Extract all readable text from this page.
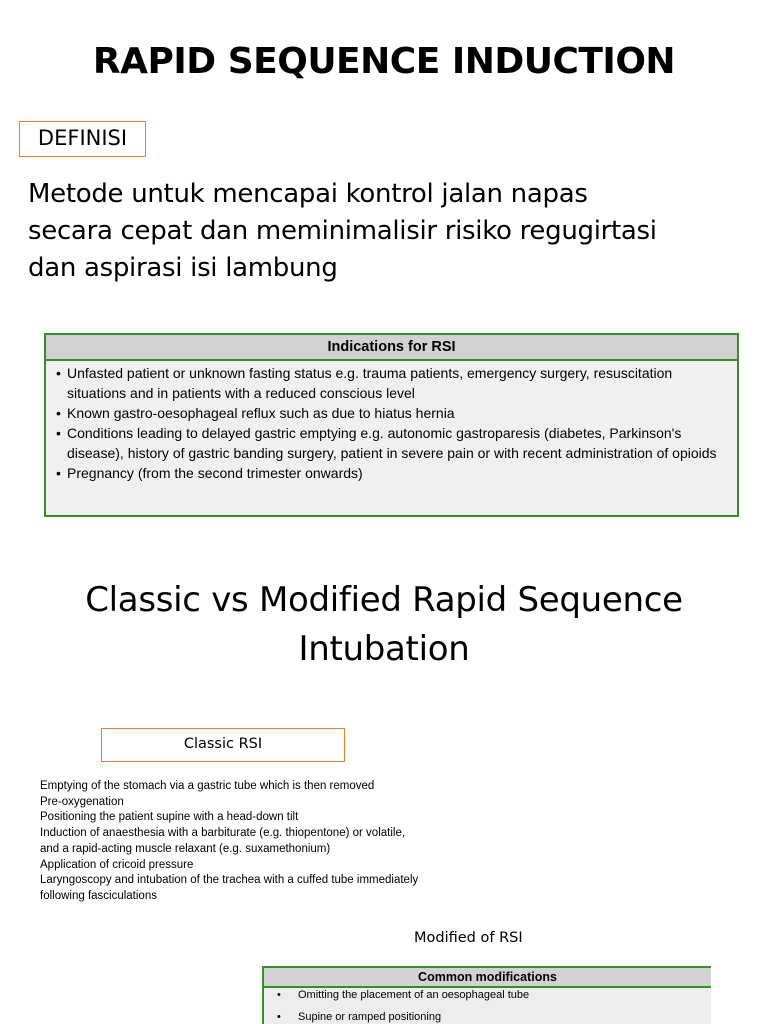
RAPID SEQUENCE INDUCTION
DEFINISI
Metode untuk mencapai kontrol jalan napas
secara cepat dan meminimalisir risiko regugirtasi
dan aspirasi isi lambung
Indications for RSI
• Unfasted patient or unknown fasting status e.g. trauma patients, emergency surgery, resuscitation situations and in patients with a reduced conscious level
• Known gastro-oesophageal reflux such as due to hiatus hernia
• Conditions leading to delayed gastric emptying e.g. autonomic gastroparesis (diabetes, Parkinson's disease), history of gastric banding surgery, patient in severe pain or with recent administration of opioids
• Pregnancy (from the second trimester onwards)
Classic vs Modified Rapid Sequence Intubation
Classic RSI
Emptying of the stomach via a gastric tube which is then removed
Pre-oxygenation
Positioning the patient supine with a head-down tilt
Induction of anaesthesia with a barbiturate (e.g. thiopentone) or volatile,
and a rapid-acting muscle relaxant (e.g. suxamethonium)
Application of cricoid pressure
Laryngoscopy and intubation of the trachea with a cuffed tube immediately
following fasciculations
Modified of RSI
Common modifications
• Omitting the placement of an oesophageal tube
• Supine or ramped positioning
